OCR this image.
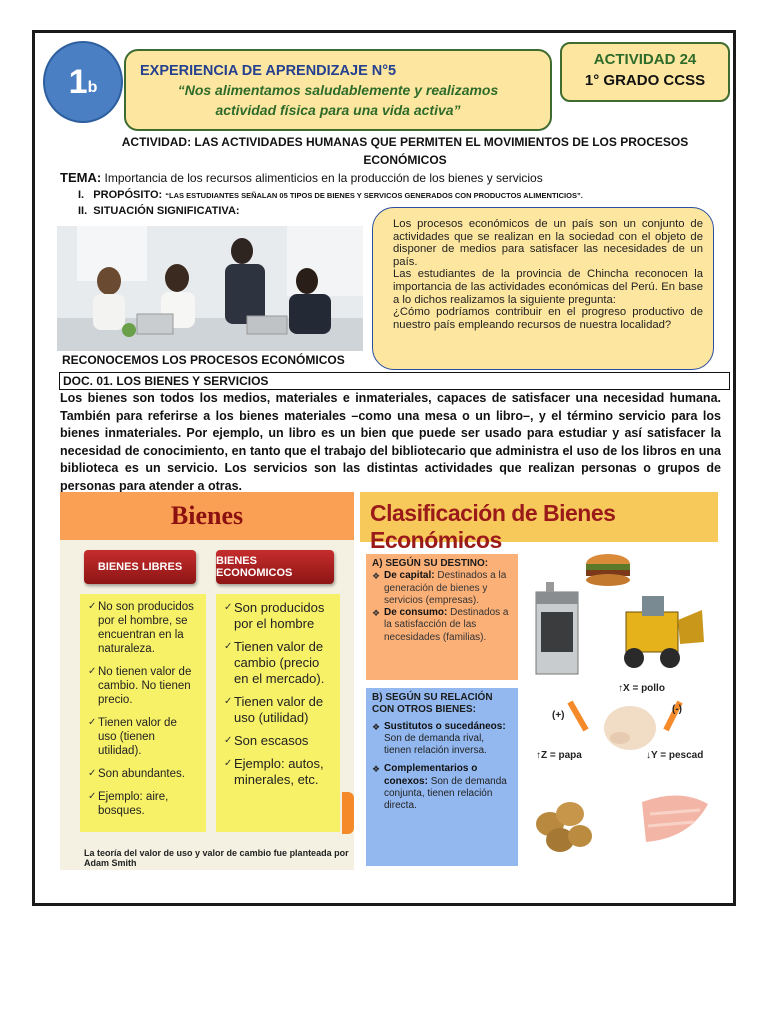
1 b
EXPERIENCIA DE APRENDIZAJE N°5
“Nos alimentamos saludablemente y realizamos
actividad física para una vida activa”
ACTIVIDAD 24
1° GRADO CCSS
ACTIVIDAD: LAS ACTIVIDADES HUMANAS QUE PERMITEN EL MOVIMIENTOS DE LOS PROCESOS
ECONÓMICOS
TEMA: Importancia de los recursos alimenticios en la producción de los bienes y servicios
I. PROPÓSITO: “LAS ESTUDIANTES SEÑALAN 05 TIPOS DE BIENES Y SERVICOS GENERADOS CON PRODUCTOS ALIMENTICIOS”.
II. SITUACIÓN SIGNIFICATIVA:

Los procesos económicos de un país son un conjunto de actividades que se realizan en la sociedad con el objeto de disponer de medios para satisfacer las necesidades de un país.

Las estudiantes de la provincia de Chincha reconocen la importancia de las actividades económicas del Perú. En base a lo dichos realizamos la siguiente pregunta:

¿Cómo podríamos contribuir en el progreso productivo de nuestro país empleando recursos de nuestra localidad?

RECONOCEMOS LOS PROCESOS ECONÓMICOS
DOC. 01. LOS BIENES Y SERVICIOS
Los bienes son todos los medios, materiales e inmateriales, capaces de satisfacer una necesidad humana. También para referirse a los bienes materiales –como una mesa o un libro–, y el término servicio para los bienes inmateriales. Por ejemplo, un libro es un bien que puede ser usado para estudiar y así satisfacer la necesidad de conocimiento, en tanto que el trabajo del bibliotecario que administra el uso de los libros en una biblioteca es un servicio. Los servicios son las distintas actividades que realizan personas o grupos de personas para atender a otras.
Bienes
BIENES LIBRES	BIENES ECONOMICOS
✓ No son producidos por el hombre, se encuentran en la naturaleza.
✓ No tienen valor de cambio. No tienen precio.
✓ Tienen valor de uso (tienen utilidad).
✓ Son abundantes.
✓ Ejemplo: aire, bosques.
✓ Son producidos por el hombre
✓ Tienen valor de cambio (precio en el mercado).
✓ Tienen valor de uso (utilidad)
✓ Son escasos
✓ Ejemplo: autos, minerales, etc.
La teoría del valor de uso y valor de cambio fue planteada por Adam Smith
Clasificación de Bienes Económicos
A) SEGÚN SU DESTINO:
❖ De capital: Destinados a la generación de bienes y servicios (empresas).
❖ De consumo: Destinados a la satisfacción de las necesidades (familias).
B) SEGÚN SU RELACIÓN CON OTROS BIENES:
❖ Sustitutos o sucedáneos: Son de demanda rival, tienen relación inversa.
❖ Complementarios o conexos: Son de demanda conjunta, tienen relación directa.
↑X = pollo
(+)
(-)
↑Z = papa	↓Y = pescad
